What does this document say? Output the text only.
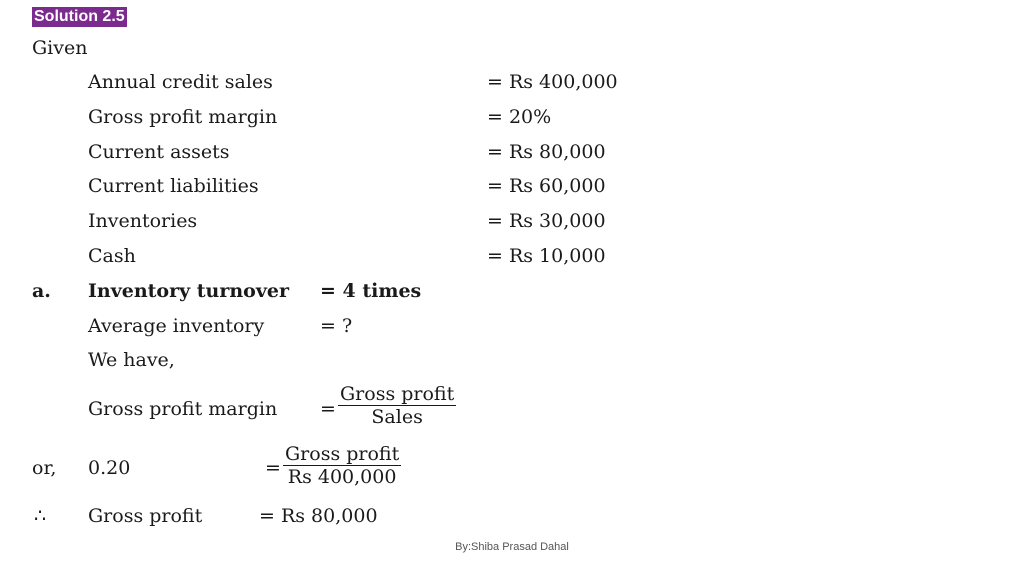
Solution 2.5
Given
Annual credit sales	= Rs 400,000
Gross profit margin	= 20%
Current assets	= Rs 80,000
Current liabilities	= Rs 60,000
Inventories	= Rs 30,000
Cash	= Rs 10,000
a. Inventory turnover = 4 times
Average inventory	= ?
We have,
Gross profit margin =
Gross profit
Sales
or, 0.20	=
Gross profit
Rs 400,000
∴ Gross profit	= Rs 80,000
By:Shiba Prasad Dahal
